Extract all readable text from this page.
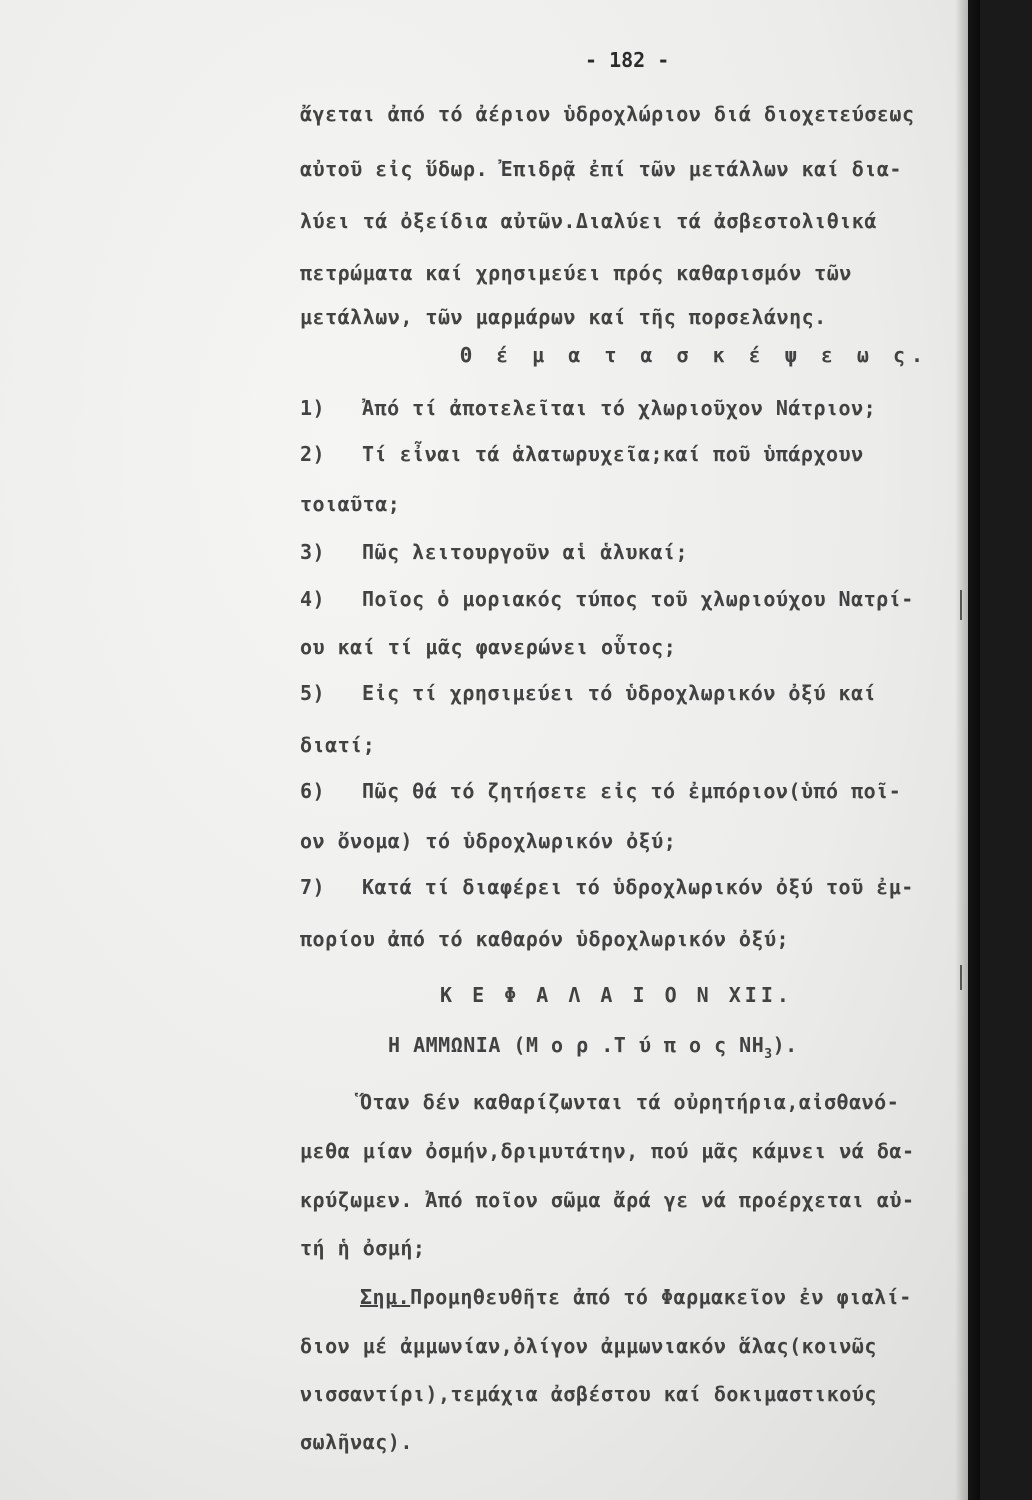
- 182 -
ἄγεται ἀπό τό ἀέριον ὑδροχλώριον διά διοχετεύσεως
αὐτοῦ εἰς ὕδωρ. Ἐπιδρᾷ ἐπί τῶν μετάλλων καί δια-
λύει τά ὀξείδια αὐτῶν.Διαλύει τά ἀσβεστολιθικά
πετρώματα καί χρησιμεύει πρός καθαρισμόν τῶν
μετάλλων, τῶν μαρμάρων καί τῆς πορσελάνης.
Θ έ μ α τ α σ κ έ ψ ε ω ς.
1) Ἀπό τί ἀποτελεῖται τό χλωριοῦχον Νάτριον;
2) Τί εἶναι τά ἁλατωρυχεῖα;καί ποῦ ὑπάρχουν
τοιαῦτα;
3) Πῶς λειτουργοῦν αἱ ἁλυκαί;
4) Ποῖος ὁ μοριακός τύπος τοῦ χλωριούχου Νατρί-
ου καί τί μᾶς φανερώνει οὗτος;
5) Εἰς τί χρησιμεύει τό ὑδροχλωρικόν ὀξύ καί
διατί;
6) Πῶς θά τό ζητήσετε εἰς τό ἐμπόριον(ὑπό ποῖ-
ον ὄνομα) τό ὑδροχλωρικόν ὀξύ;
7) Κατά τί διαφέρει τό ὑδροχλωρικόν ὀξύ τοῦ ἐμ-
πορίου ἀπό τό καθαρόν ὑδροχλωρικόν ὀξύ;
Κ Ε Φ Α Λ Α Ι Ο Ν XII.
Η ΑΜΜΩΝΙΑ (Μ ο ρ .Τ ύ π ο ς $NH_3$).
Ὅταν δέν καθαρίζωνται τά οὐρητήρια,αἰσθανό-
μεθα μίαν ὀσμήν,δριμυτάτην, πού μᾶς κάμνει νά δα-
κρύζωμεν. Ἀπό ποῖον σῶμα ἄρά γε νά προέρχεται αὐ-
τή ἡ ὀσμή;
Σημ.Προμηθευθῆτε ἀπό τό Φαρμακεῖον ἐν φιαλί-
διον μέ ἀμμωνίαν,ὀλίγον ἀμμωνιακόν ἅλας(κοινῶς
νισσαντίρι),τεμάχια ἀσβέστου καί δοκιμαστικούς
σωλῆνας).
